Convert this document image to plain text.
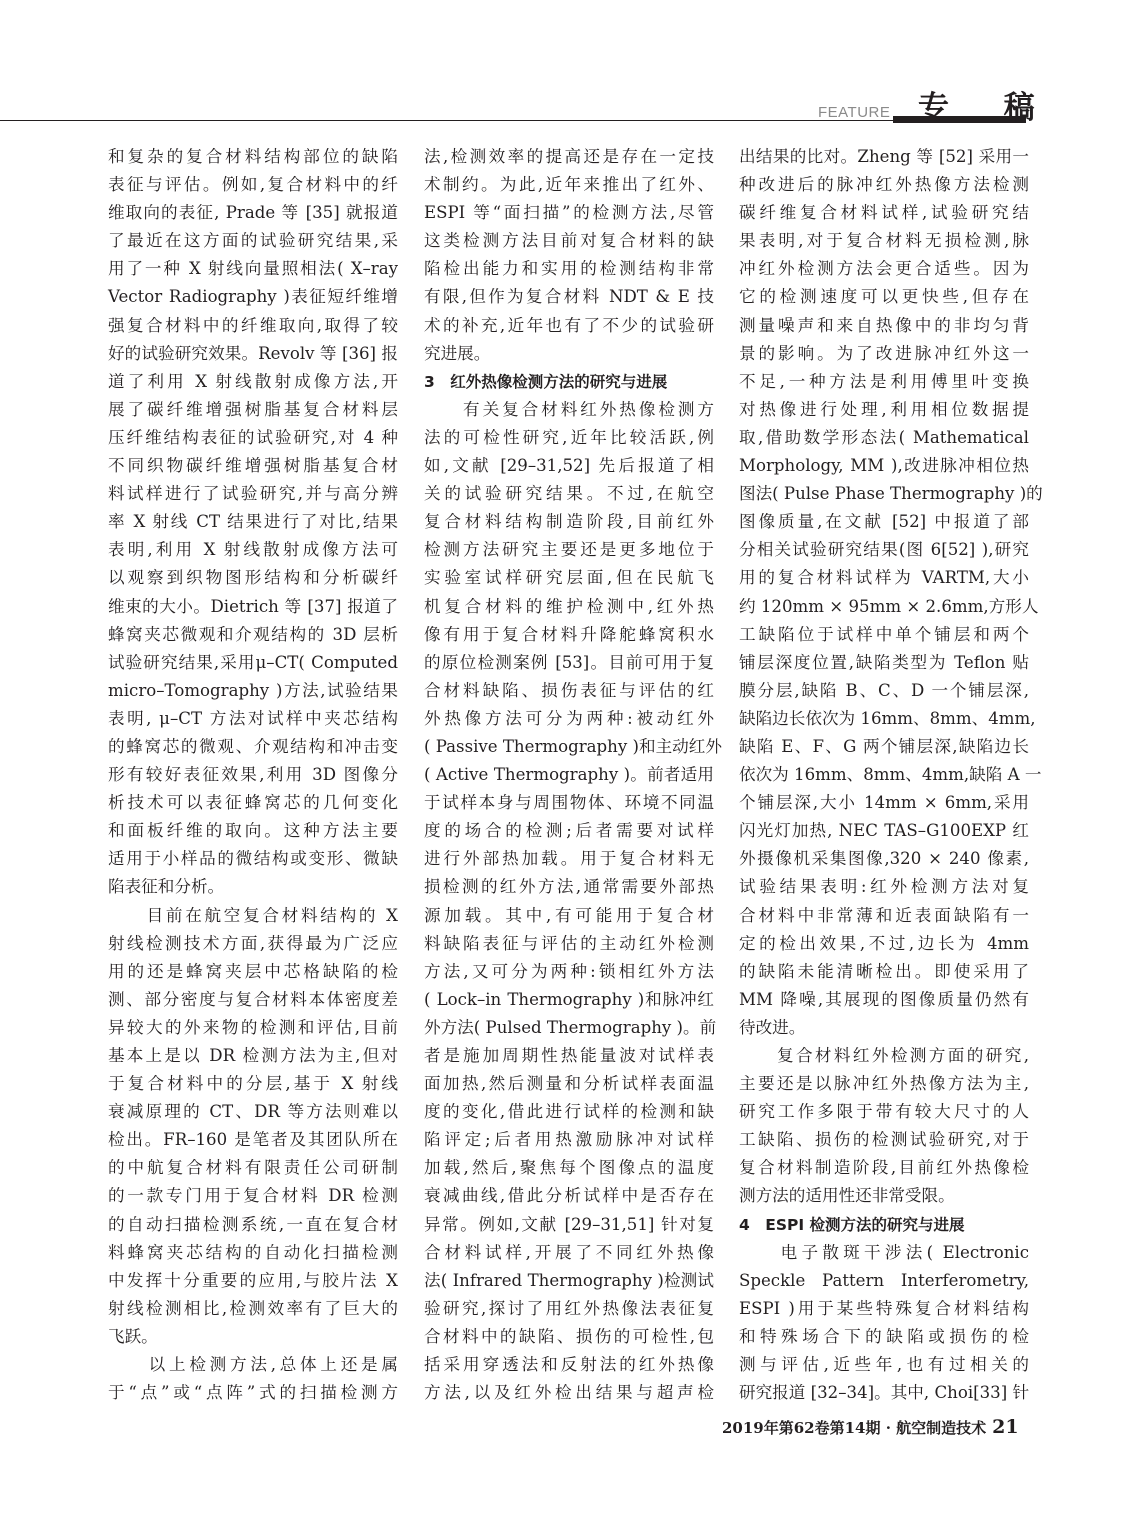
FEATURE 专 稿
和复杂的复合材料结构部位的缺陷
表征与评估。例如,复合材料中的纤
维取向的表征, Prade 等 [35] 就报道
了最近在这方面的试验研究结果,采
用了一种 X 射线向量照相法( X–ray
Vector Radiography )表征短纤维增
强复合材料中的纤维取向,取得了较
好的试验研究效果。Revolv 等 [36] 报
道了利用 X 射线散射成像方法,开
展了碳纤维增强树脂基复合材料层
压纤维结构表征的试验研究,对 4 种
不同织物碳纤维增强树脂基复合材
料试样进行了试验研究,并与高分辨
率 X 射线 CT 结果进行了对比,结果
表明,利用 X 射线散射成像方法可
以观察到织物图形结构和分析碳纤
维束的大小。Dietrich 等 [37] 报道了
蜂窝夹芯微观和介观结构的 3D 层析
试验研究结果,采用μ–CT( Computed
micro–Tomography )方法,试验结果
表明, μ–CT 方法对试样中夹芯结构
的蜂窝芯的微观、介观结构和冲击变
形有较好表征效果,利用 3D 图像分
析技术可以表征蜂窝芯的几何变化
和面板纤维的取向。这种方法主要
适用于小样品的微结构或变形、微缺
陷表征和分析。
　　目前在航空复合材料结构的 X
射线检测技术方面,获得最为广泛应
用的还是蜂窝夹层中芯格缺陷的检
测、部分密度与复合材料本体密度差
异较大的外来物的检测和评估,目前
基本上是以 DR 检测方法为主,但对
于复合材料中的分层,基于 X 射线
衰减原理的 CT、DR 等方法则难以
检出。FR–160 是笔者及其团队所在
的中航复合材料有限责任公司研制
的一款专门用于复合材料 DR 检测
的自动扫描检测系统,一直在复合材
料蜂窝夹芯结构的自动化扫描检测
中发挥十分重要的应用,与胶片法 X
射线检测相比,检测效率有了巨大的
飞跃。
　　以上检测方法,总体上还是属
于“点”或“点阵”式的扫描检测方
法,检测效率的提高还是存在一定技
术制约。为此,近年来推出了红外、
ESPI 等“面扫描”的检测方法,尽管
这类检测方法目前对复合材料的缺
陷检出能力和实用的检测结构非常
有限,但作为复合材料 NDT & E 技
术的补充,近年也有了不少的试验研
究进展。
3　红外热像检测方法的研究与进展
　　有关复合材料红外热像检测方
法的可检性研究,近年比较活跃,例
如,文献 [29–31,52] 先后报道了相
关的试验研究结果。不过,在航空
复合材料结构制造阶段,目前红外
检测方法研究主要还是更多地位于
实验室试样研究层面,但在民航飞
机复合材料的维护检测中,红外热
像有用于复合材料升降舵蜂窝积水
的原位检测案例 [53]。目前可用于复
合材料缺陷、损伤表征与评估的红
外热像方法可分为两种:被动红外
( Passive Thermography )和主动红外
( Active Thermography )。前者适用
于试样本身与周围物体、环境不同温
度的场合的检测;后者需要对试样
进行外部热加载。用于复合材料无
损检测的红外方法,通常需要外部热
源加载。其中,有可能用于复合材
料缺陷表征与评估的主动红外检测
方法,又可分为两种:锁相红外方法
( Lock–in Thermography )和脉冲红
外方法( Pulsed Thermography )。前
者是施加周期性热能量波对试样表
面加热,然后测量和分析试样表面温
度的变化,借此进行试样的检测和缺
陷评定;后者用热激励脉冲对试样
加载,然后,聚焦每个图像点的温度
衰减曲线,借此分析试样中是否存在
异常。例如,文献 [29–31,51] 针对复
合材料试样,开展了不同红外热像
法( Infrared Thermography )检测试
验研究,探讨了用红外热像法表征复
合材料中的缺陷、损伤的可检性,包
括采用穿透法和反射法的红外热像
方法,以及红外检出结果与超声检
出结果的比对。Zheng 等 [52] 采用一
种改进后的脉冲红外热像方法检测
碳纤维复合材料试样,试验研究结
果表明,对于复合材料无损检测,脉
冲红外检测方法会更合适些。因为
它的检测速度可以更快些,但存在
测量噪声和来自热像中的非均匀背
景的影响。为了改进脉冲红外这一
不足,一种方法是利用傅里叶变换
对热像进行处理,利用相位数据提
取,借助数学形态法( Mathematical
Morphology, MM ),改进脉冲相位热
图法( Pulse Phase Thermography )的
图像质量,在文献 [52] 中报道了部
分相关试验研究结果(图 6[52] ),研究
用的复合材料试样为 VARTM,大小
约 120mm × 95mm × 2.6mm,方形人
工缺陷位于试样中单个铺层和两个
铺层深度位置,缺陷类型为 Teflon 贴
膜分层,缺陷 B、C、D 一个铺层深,
缺陷边长依次为 16mm、8mm、4mm,
缺陷 E、F、G 两个铺层深,缺陷边长
依次为 16mm、8mm、4mm,缺陷 A 一
个铺层深,大小 14mm × 6mm,采用
闪光灯加热, NEC TAS–G100EXP 红
外摄像机采集图像,320 × 240 像素,
试验结果表明:红外检测方法对复
合材料中非常薄和近表面缺陷有一
定的检出效果,不过,边长为 4mm
的缺陷未能清晰检出。即使采用了
MM 降噪,其展现的图像质量仍然有
待改进。
　　复合材料红外检测方面的研究,
主要还是以脉冲红外热像方法为主,
研究工作多限于带有较大尺寸的人
工缺陷、损伤的检测试验研究,对于
复合材料制造阶段,目前红外热像检
测方法的适用性还非常受限。
4　ESPI 检测方法的研究与进展
　　电子散斑干涉法( Electronic
Speckle Pattern Interferometry,
ESPI )用于某些特殊复合材料结构
和特殊场合下的缺陷或损伤的检
测与评估,近些年,也有过相关的
研究报道 [32–34]。其中, Choi[33] 针
2019年第62卷第14期 · 航空制造技术 21
